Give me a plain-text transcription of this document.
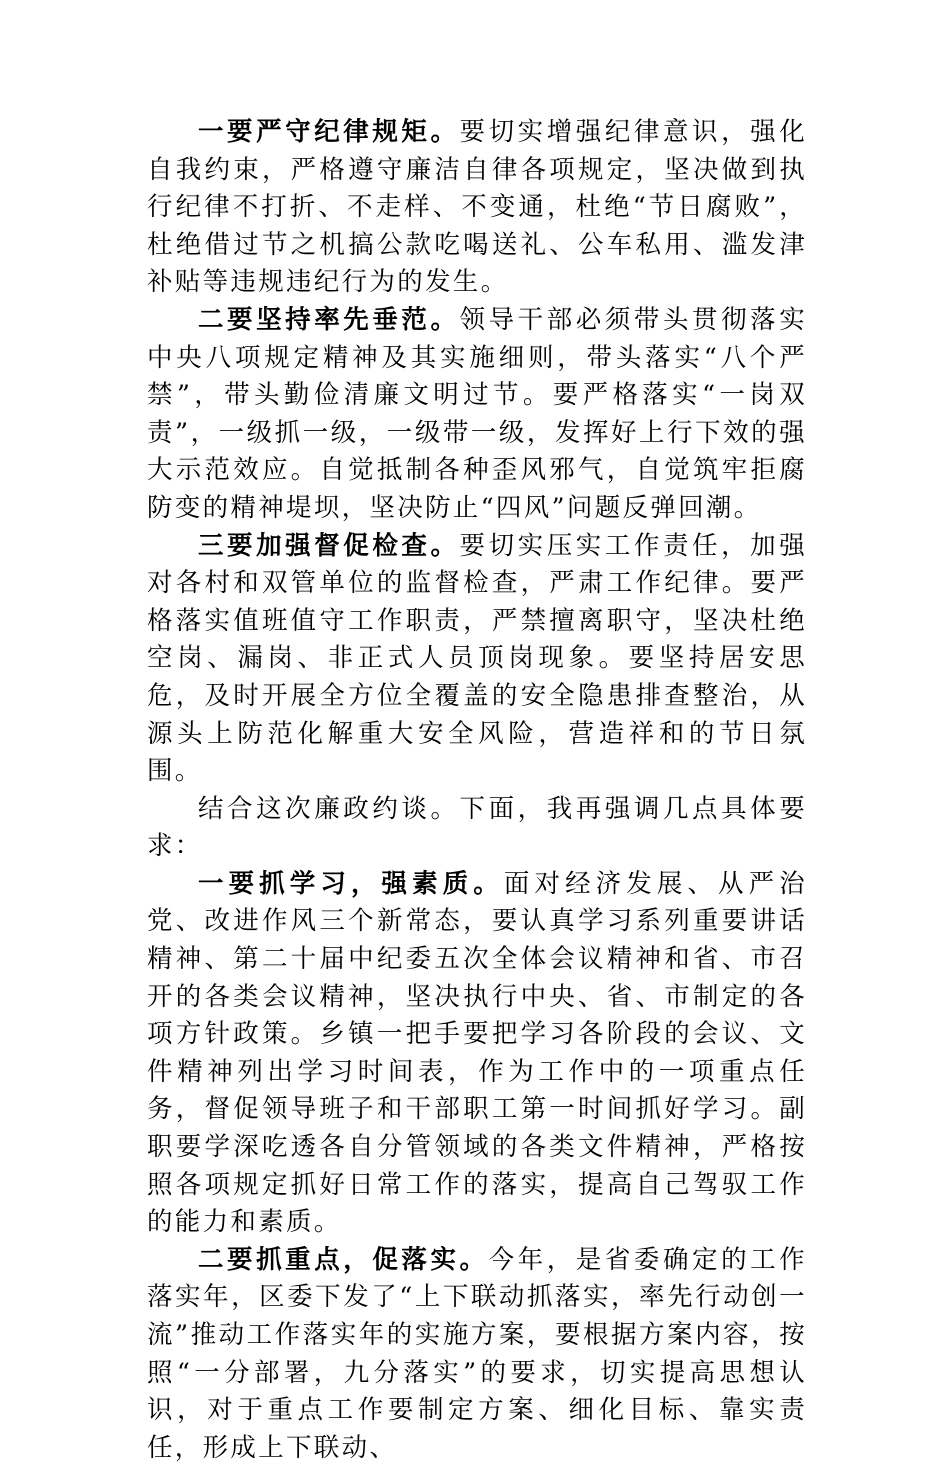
一要严守纪律规矩。要切实增强纪律意识，强化自我约束，严格遵守廉洁自律各项规定，坚决做到执行纪律不打折、不走样、不变通，杜绝“节日腐败”，杜绝借过节之机搞公款吃喝送礼、公车私用、滥发津补贴等违规违纪行为的发生。

二要坚持率先垂范。领导干部必须带头贯彻落实中央八项规定精神及其实施细则，带头落实“八个严禁”，带头勤俭清廉文明过节。要严格落实“一岗双责”，一级抓一级，一级带一级，发挥好上行下效的强大示范效应。自觉抵制各种歪风邪气，自觉筑牢拒腐防变的精神堤坝，坚决防止“四风”问题反弹回潮。

三要加强督促检查。要切实压实工作责任，加强对各村和双管单位的监督检查，严肃工作纪律。要严格落实值班值守工作职责，严禁擅离职守，坚决杜绝空岗、漏岗、非正式人员顶岗现象。要坚持居安思危，及时开展全方位全覆盖的安全隐患排查整治，从源头上防范化解重大安全风险，营造祥和的节日氛围。

结合这次廉政约谈。下面，我再强调几点具体要求：

一要抓学习，强素质。面对经济发展、从严治党、改进作风三个新常态，要认真学习系列重要讲话精神、第二十届中纪委五次全体会议精神和省、市召开的各类会议精神，坚决执行中央、省、市制定的各项方针政策。乡镇一把手要把学习各阶段的会议、文件精神列出学习时间表，作为工作中的一项重点任务，督促领导班子和干部职工第一时间抓好学习。副职要学深吃透各自分管领域的各类文件精神，严格按照各项规定抓好日常工作的落实，提高自己驾驭工作的能力和素质。

二要抓重点，促落实。今年，是省委确定的工作落实年，区委下发了“上下联动抓落实，率先行动创一流”推动工作落实年的实施方案，要根据方案内容，按照“一分部署，九分落实”的要求，切实提高思想认识，对于重点工作要制定方案、细化目标、靠实责任，形成上下联动、
